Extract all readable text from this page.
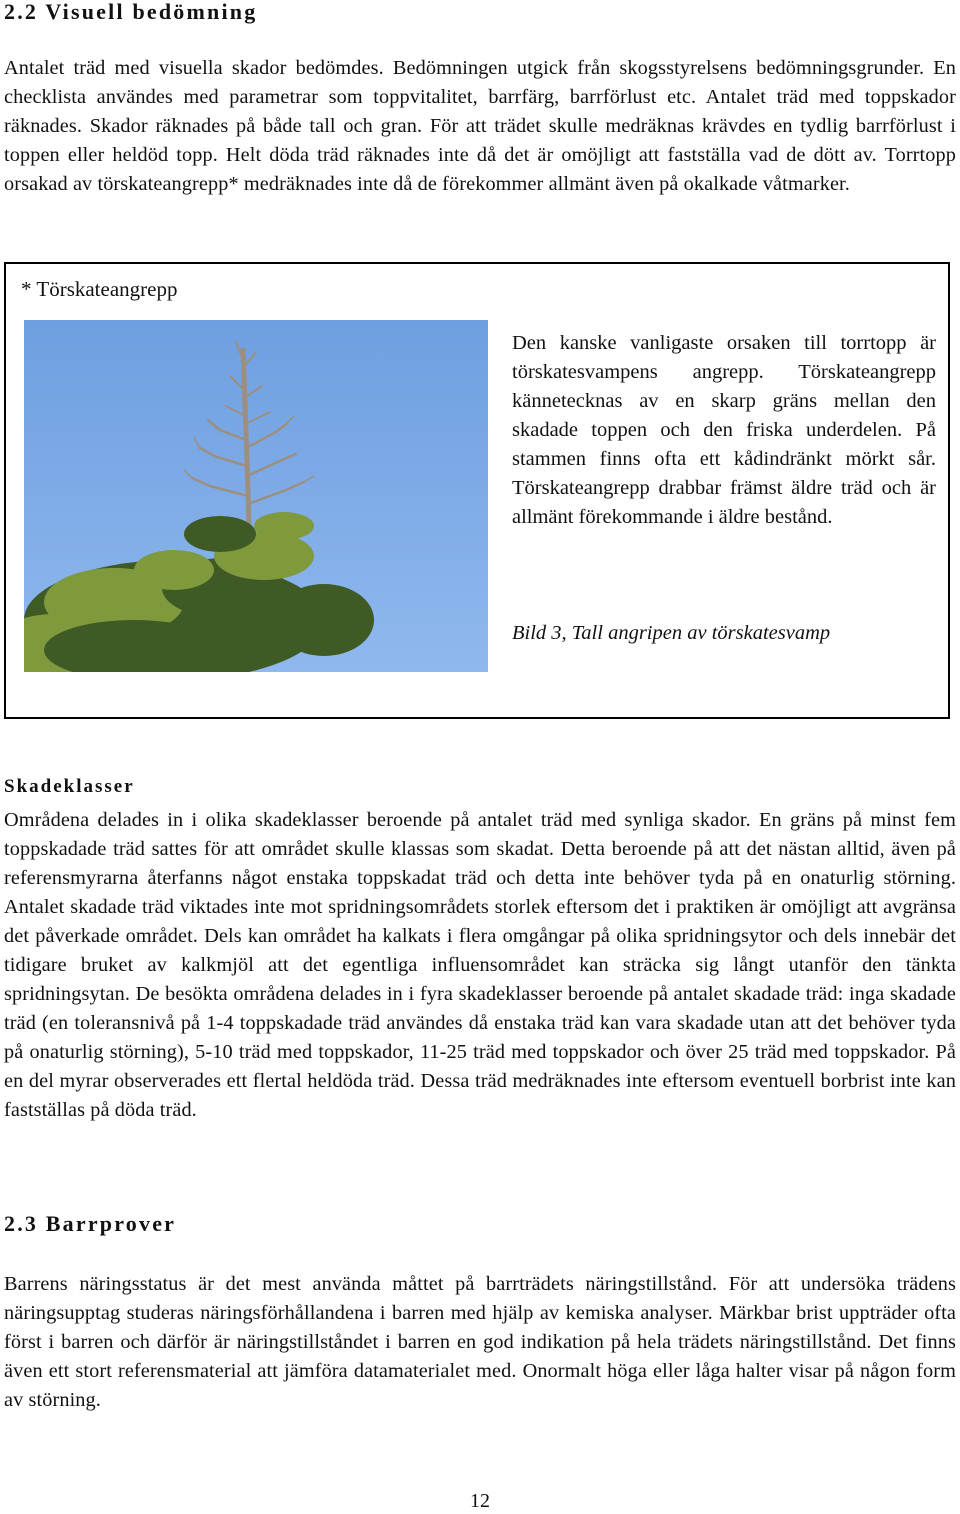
2.2 Visuell bedömning

Antalet träd med visuella skador bedömdes. Bedömningen utgick från skogsstyrelsens bedömningsgrunder. En checklista användes med parametrar som toppvitalitet, barrfärg, barrförlust etc. Antalet träd med toppskador räknades. Skador räknades på både tall och gran. För att trädet skulle medräknas krävdes en tydlig barrförlust i toppen eller heldöd topp. Helt döda träd räknades inte då det är omöjligt att fastställa vad de dött av. Torrtopp orsakad av törskateangrepp* medräknades inte då de förekommer allmänt även på okalkade våtmarker.

* Törskateangrepp

Den kanske vanligaste orsaken till torrtopp är törskatesvampens angrepp. Törskateangrepp kännetecknas av en skarp gräns mellan den skadade toppen och den friska underdelen. På stammen finns ofta ett kådindränkt mörkt sår. Törskateangrepp drabbar främst äldre träd och är allmänt förekommande i äldre bestånd.

Bild 3, Tall angripen av törskatesvamp

Skadeklasser

Områdena delades in i olika skadeklasser beroende på antalet träd med synliga skador. En gräns på minst fem toppskadade träd sattes för att området skulle klassas som skadat. Detta beroende på att det nästan alltid, även på referensmyrarna återfanns något enstaka toppskadat träd och detta inte behöver tyda på en onaturlig störning. Antalet skadade träd viktades inte mot spridningsområdets storlek eftersom det i praktiken är omöjligt att avgränsa det påverkade området. Dels kan området ha kalkats i flera omgångar på olika spridningsytor och dels innebär det tidigare bruket av kalkmjöl att det egentliga influensområdet kan sträcka sig långt utanför den tänkta spridningsytan. De besökta områdena delades in i fyra skadeklasser beroende på antalet skadade träd: inga skadade träd (en toleransnivå på 1-4 toppskadade träd användes då enstaka träd kan vara skadade utan att det behöver tyda på onaturlig störning), 5-10 träd med toppskador, 11-25 träd med toppskador och över 25 träd med toppskador. På en del myrar observerades ett flertal heldöda träd. Dessa träd medräknades inte eftersom eventuell borbrist inte kan fastställas på döda träd.

2.3 Barrprover

Barrens näringsstatus är det mest använda måttet på barrträdets näringstillstånd. För att undersöka trädens näringsupptag studeras näringsförhållandena i barren med hjälp av kemiska analyser. Märkbar brist uppträder ofta först i barren och därför är näringstillståndet i barren en god indikation på hela trädets näringstillstånd. Det finns även ett stort referensmaterial att jämföra datamaterialet med. Onormalt höga eller låga halter visar på någon form av störning.

12
